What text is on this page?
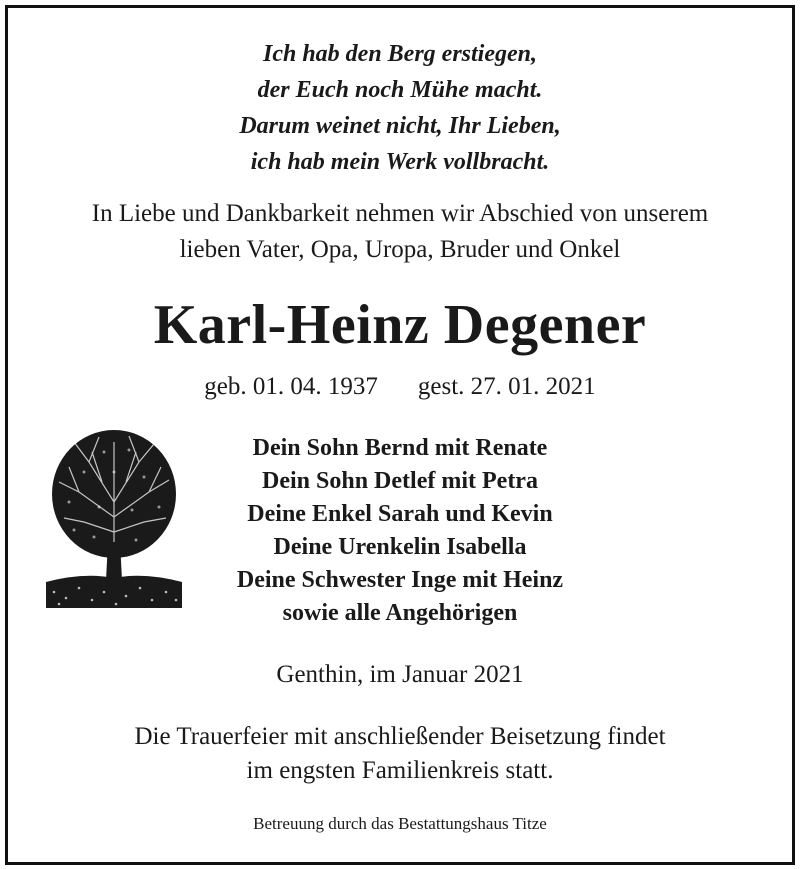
Ich hab den Berg erstiegen,
der Euch noch Mühe macht.
Darum weinet nicht, Ihr Lieben,
ich hab mein Werk vollbracht.
In Liebe und Dankbarkeit nehmen wir Abschied von unserem
lieben Vater, Opa, Uropa, Bruder und Onkel
Karl-Heinz Degener
geb. 01. 04. 1937 gest. 27. 01. 2021
Dein Sohn Bernd mit Renate
Dein Sohn Detlef mit Petra
Deine Enkel Sarah und Kevin
Deine Urenkelin Isabella
Deine Schwester Inge mit Heinz
sowie alle Angehörigen
Genthin, im Januar 2021
Die Trauerfeier mit anschließender Beisetzung findet
im engsten Familienkreis statt.
Betreuung durch das Bestattungshaus Titze
